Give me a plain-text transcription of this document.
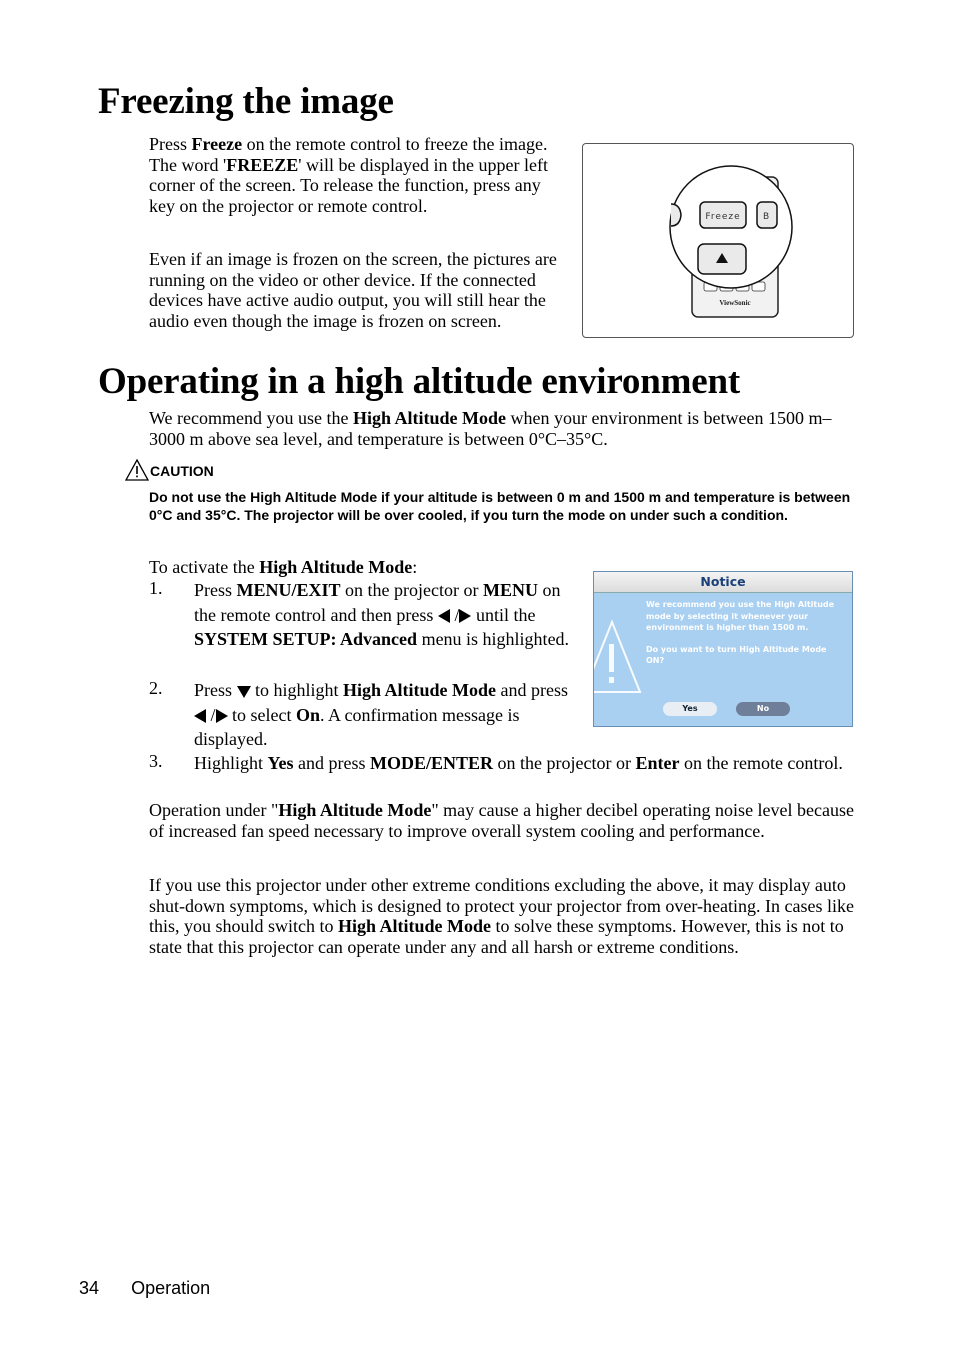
Freezing the image

Press Freeze on the remote control to freeze the image. The word 'FREEZE' will be displayed in the upper left corner of the screen. To release the function, press any key on the projector or remote control.

Even if an image is frozen on the screen, the pictures are running on the video or other device. If the connected devices have active audio output, you will still hear the audio even though the image is frozen on screen.

ViewSonic
Freeze B
Operating in a high altitude environment

We recommend you use the High Altitude Mode when your environment is between 1500 m–3000 m above sea level, and temperature is between 0°C–35°C.

CAUTION

Do not use the High Altitude Mode if your altitude is between 0 m and 1500 m and temperature is between 0°C and 35°C. The projector will be over cooled, if you turn the mode on under such a condition.

To activate the High Altitude Mode:

1. Press MENU/EXIT on the projector or MENU on the remote control and then press  / until the SYSTEM SETUP: Advanced menu is highlighted.

2. Press  to highlight High Altitude Mode and press  / to select On. A confirmation message is displayed.

3. Highlight Yes and press MODE/ENTER on the projector or Enter on the remote control.

Notice
We recommend you use the High Altitude mode by selecting it whenever your environment is higher than 1500 m.
Do you want to turn High Altitude Mode ON?
Yes	No

Operation under "High Altitude Mode" may cause a higher decibel operating noise level because of increased fan speed necessary to improve overall system cooling and performance.

If you use this projector under other extreme conditions excluding the above, it may display auto shut-down symptoms, which is designed to protect your projector from over-heating. In cases like this, you should switch to High Altitude Mode to solve these symptoms. However, this is not to state that this projector can operate under any and all harsh or extreme conditions.

34 Operation
